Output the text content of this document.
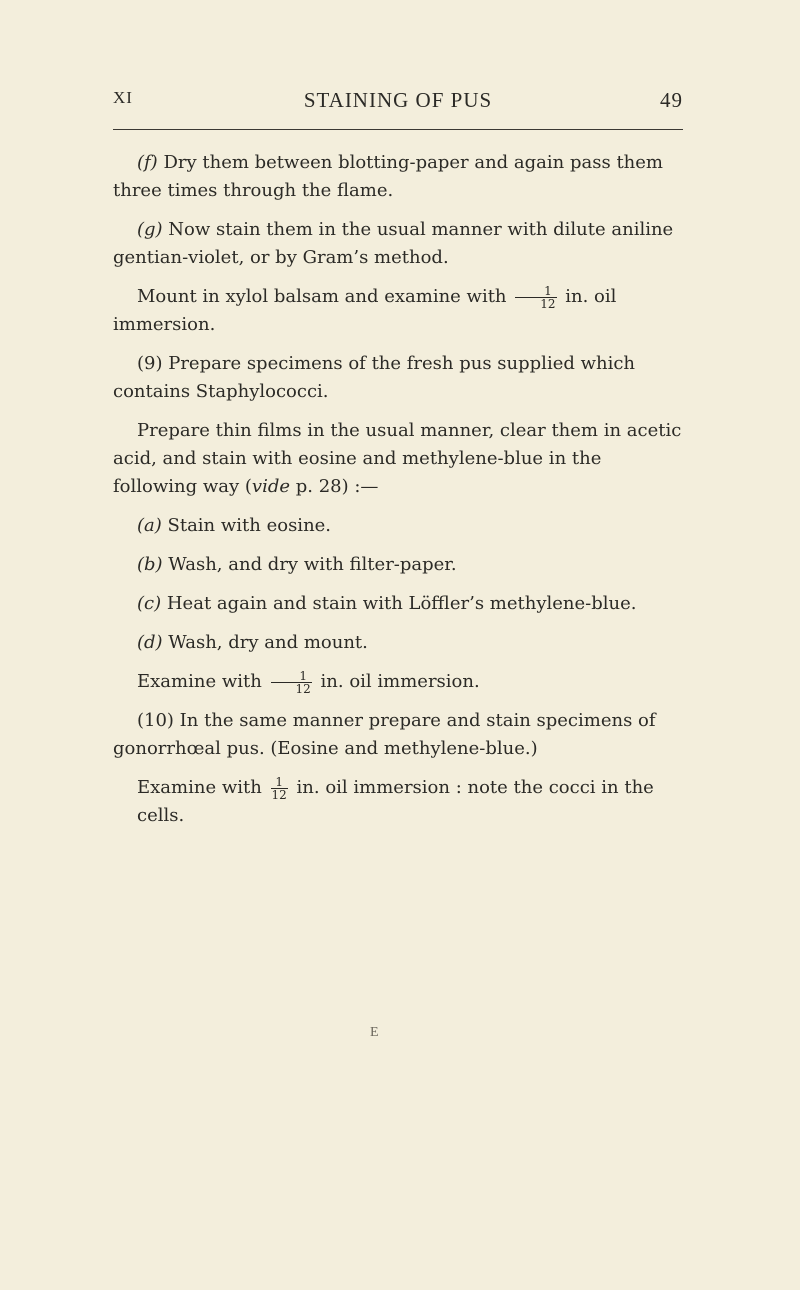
XI	STAINING OF PUS	49

(f) Dry them between blotting-paper and again pass them three times through the flame.

(g) Now stain them in the usual manner with dilute aniline gentian-violet, or by Gram’s method.

Mount in xylol balsam and examine with $\frac{1}{12}$ in. oil immersion.

(9) Prepare specimens of the fresh pus supplied which contains Staphylococci.

Prepare thin films in the usual manner, clear them in acetic acid, and stain with eosine and methylene-blue in the following way (vide p. 28) :—

(a) Stain with eosine.

(b) Wash, and dry with filter-paper.

(c) Heat again and stain with Löffler’s methylene-blue.

(d) Wash, dry and mount.

Examine with $\frac{1}{12}$ in. oil immersion.

(10) In the same manner prepare and stain specimens of gonorrhœal pus. (Eosine and methylene-blue.)

Examine with $\frac{1}{12}$ in. oil immersion : note the cocci in the cells.

E
